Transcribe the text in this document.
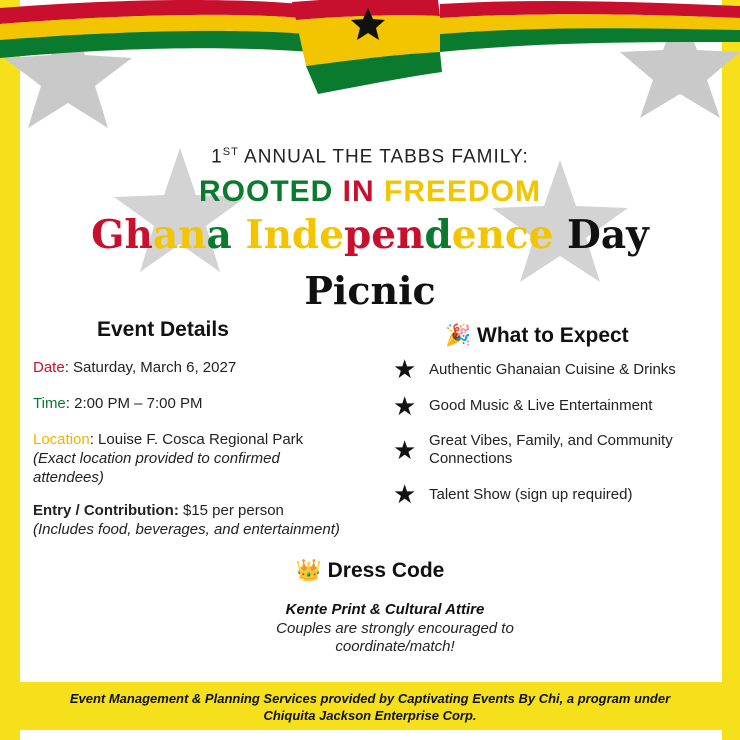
1ST ANNUAL THE TABBS FAMILY:

ROOTED IN FREEDOM

Ghana Independence Day

Picnic

Event Details

Date: Saturday, March 6, 2027

Time: 2:00 PM – 7:00 PM

Location: Louise F. Cosca Regional Park
(Exact location provided to confirmed attendees)

Entry / Contribution: $15 per person
(Includes food, beverages, and entertainment)

🎉 What to Expect

★ Authentic Ghanaian Cuisine & Drinks

★ Good Music & Live Entertainment

★ Great Vibes, Family, and Community Connections

★ Talent Show (sign up required)

👑 Dress Code

Kente Print & Cultural Attire

Couples are strongly encouraged to coordinate/match!

Event Management & Planning Services provided by Captivating Events By Chi, a program under Chiquita Jackson Enterprise Corp.
